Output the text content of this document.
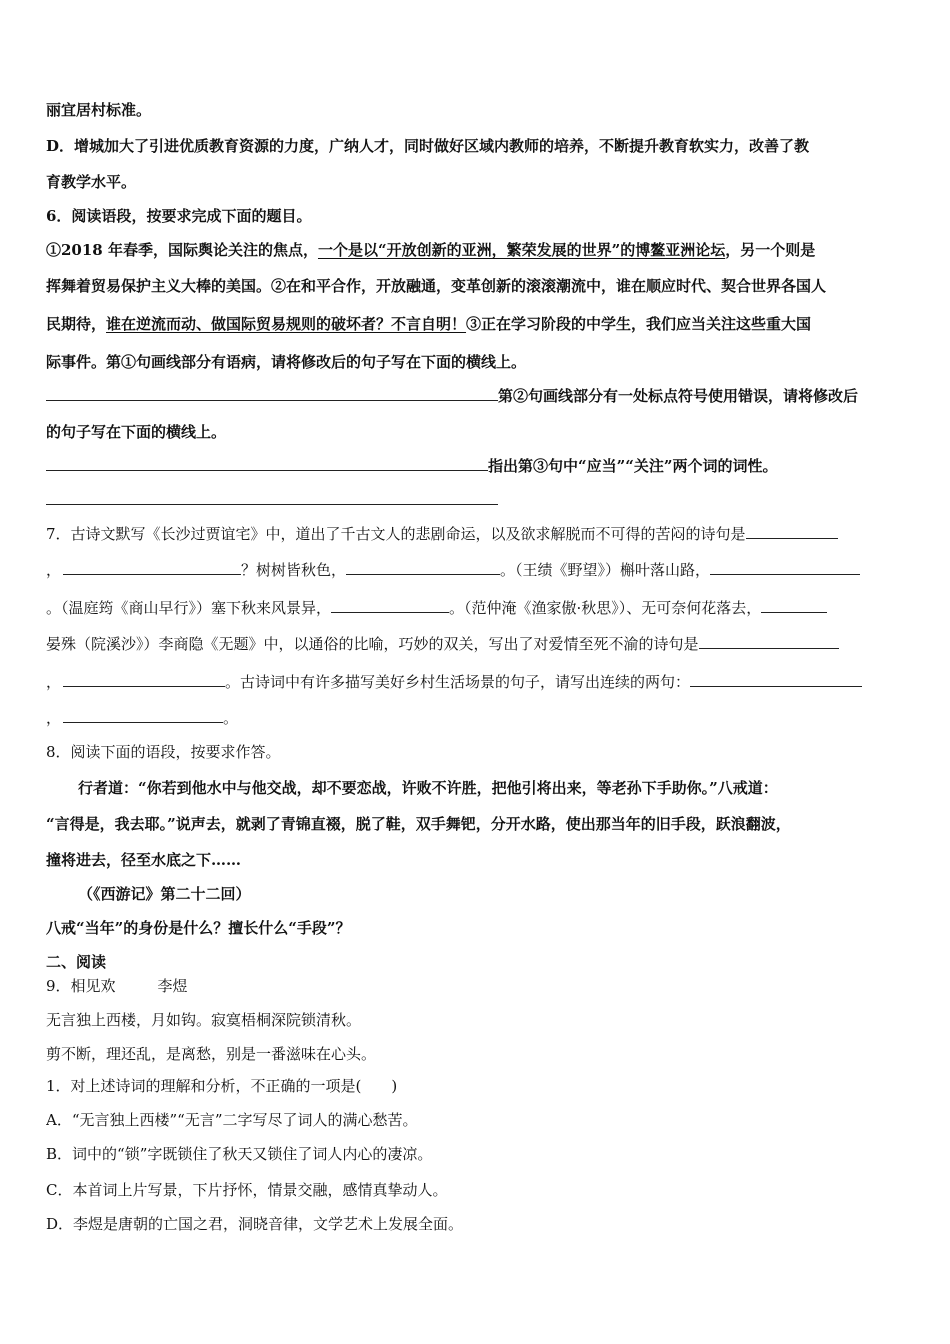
丽宜居村标准。
D．增城加大了引进优质教育资源的力度，广纳人才，同时做好区域内教师的培养，不断提升教育软实力，改善了教
育教学水平。
6．阅读语段，按要求完成下面的题目。
①2018 年春季，国际舆论关注的焦点，一个是以“开放创新的亚洲，繁荣发展的世界”的博鳌亚洲论坛，另一个则是
挥舞着贸易保护主义大棒的美国。②在和平合作，开放融通，变革创新的滚滚潮流中，谁在顺应时代、契合世界各国人
民期待，谁在逆流而动、做国际贸易规则的破坏者？不言自明！③正在学习阶段的中学生，我们应当关注这些重大国
际事件。第①句画线部分有语病，请将修改后的句子写在下面的横线上。
第②句画线部分有一处标点符号使用错误，请将修改后
的句子写在下面的横线上。
指出第③句中“应当”“关注”两个词的词性。
7．古诗文默写《长沙过贾谊宅》中，道出了千古文人的悲剧命运，以及欲求解脱而不可得的苦闷的诗句是
，	？树树皆秋色，	。（王绩《野望》）槲叶落山路，
。（温庭筠《商山早行》）塞下秋来风景异，	。（范仲淹《渔家傲·秋思》）、无可奈何花落去，
晏殊（院溪沙》）李商隐《无题》中，以通俗的比喻，巧妙的双关，写出了对爱情至死不渝的诗句是
，	。古诗词中有许多描写美好乡村生活场景的句子，请写出连续的两句：
，	。
8．阅读下面的语段，按要求作答。
行者道：“你若到他水中与他交战，却不要恋战，许败不许胜，把他引将出来，等老孙下手助你。”八戒道：
“言得是，我去耶。”说声去，就剥了青锦直裰，脱了鞋，双手舞钯，分开水路，使出那当年的旧手段，跃浪翻波，
撞将进去，径至水底之下……
（《西游记》第二十二回）
八戒“当年”的身份是什么？擅长什么“手段”？
二、阅读
9．相见欢	李煜
无言独上西楼，月如钩。寂寞梧桐深院锁清秋。
剪不断，理还乱，是离愁，别是一番滋味在心头。
1．对上述诗词的理解和分析，不正确的一项是(　　)
A．“无言独上西楼”“无言”二字写尽了词人的满心愁苦。
B．词中的“锁”字既锁住了秋天又锁住了词人内心的凄凉。
C．本首词上片写景，下片抒怀，情景交融，感情真挚动人。
D．李煜是唐朝的亡国之君，洞晓音律，文学艺术上发展全面。
